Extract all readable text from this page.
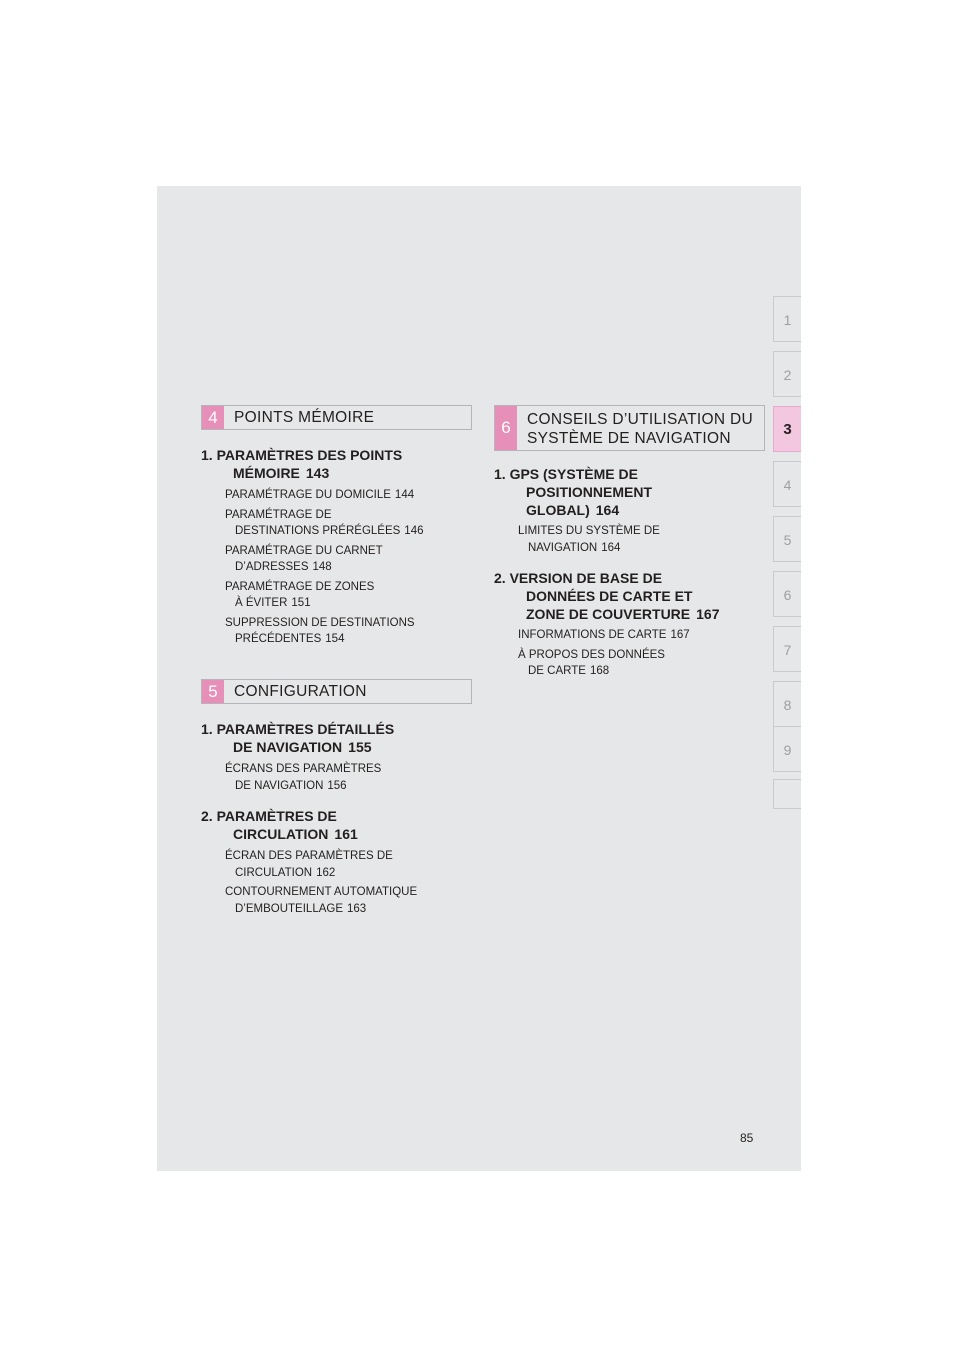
1
2
3
4
5
6
7
8
9
4	POINTS MÉMOIRE
1. PARAMÈTRES DES POINTS
MÉMOIRE 143
PARAMÉTRAGE DU DOMICILE 144
PARAMÉTRAGE DE
DESTINATIONS PRÉRÉGLÉES 146
PARAMÉTRAGE DU CARNET
D’ADRESSES 148
PARAMÉTRAGE DE ZONES
À ÉVITER 151
SUPPRESSION DE DESTINATIONS
PRÉCÉDENTES 154
5	CONFIGURATION
1. PARAMÈTRES DÉTAILLÉS
DE NAVIGATION 155
ÉCRANS DES PARAMÈTRES
DE NAVIGATION 156
2. PARAMÈTRES DE
CIRCULATION 161
ÉCRAN DES PARAMÈTRES DE
CIRCULATION 162
CONTOURNEMENT AUTOMATIQUE
D’EMBOUTEILLAGE 163
6	CONSEILS D’UTILISATION DU
SYSTÈME DE NAVIGATION
1. GPS (SYSTÈME DE
POSITIONNEMENT
GLOBAL) 164
LIMITES DU SYSTÈME DE
NAVIGATION 164
2. VERSION DE BASE DE
DONNÉES DE CARTE ET
ZONE DE COUVERTURE 167
INFORMATIONS DE CARTE 167
À PROPOS DES DONNÉES
DE CARTE 168
85
